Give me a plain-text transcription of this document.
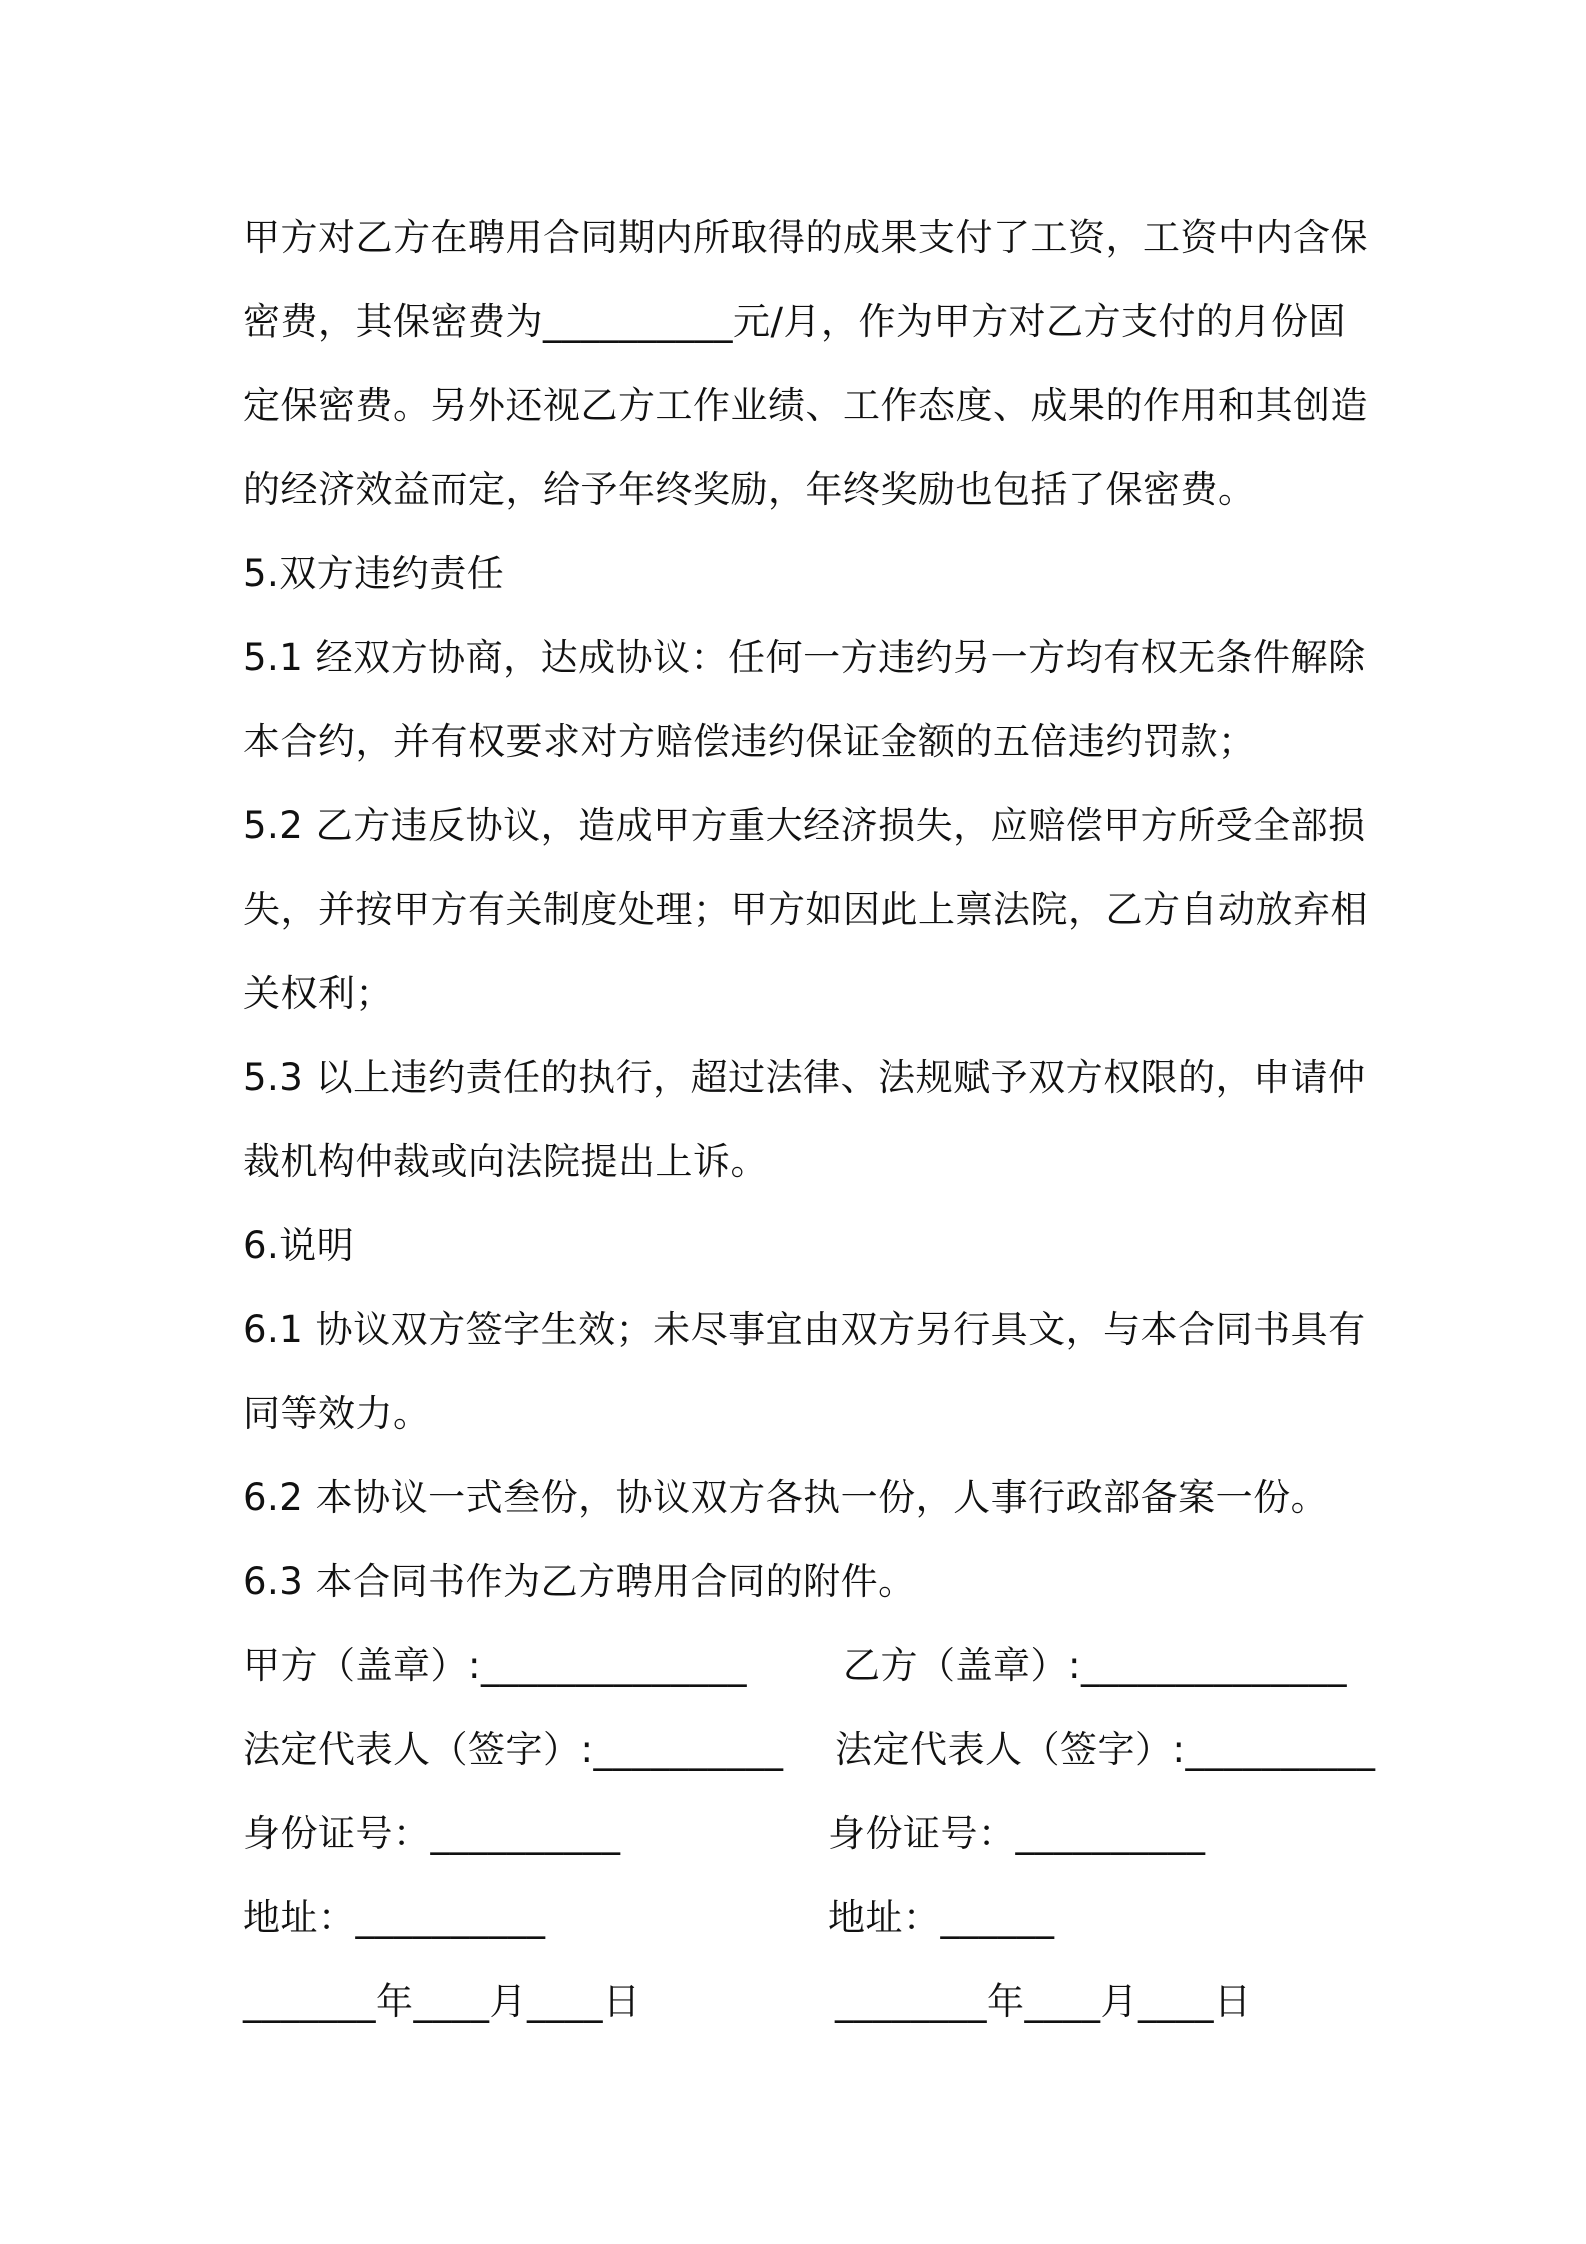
甲方对乙方在聘用合同期内所取得的成果支付了工资，工资中内含保
密费，其保密费为__________元/月，作为甲方对乙方支付的月份固
定保密费。另外还视乙方工作业绩、工作态度、成果的作用和其创造
的经济效益而定，给予年终奖励，年终奖励也包括了保密费。
5.双方违约责任
5.1 经双方协商，达成协议：任何一方违约另一方均有权无条件解除
本合约，并有权要求对方赔偿违约保证金额的五倍违约罚款；
5.2 乙方违反协议，造成甲方重大经济损失，应赔偿甲方所受全部损
失，并按甲方有关制度处理；甲方如因此上禀法院，乙方自动放弃相
关权利；
5.3 以上违约责任的执行，超过法律、法规赋予双方权限的，申请仲
裁机构仲裁或向法院提出上诉。
6.说明
6.1 协议双方签字生效；未尽事宜由双方另行具文，与本合同书具有
同等效力。
6.2 本协议一式叁份，协议双方各执一份，人事行政部备案一份。
6.3 本合同书作为乙方聘用合同的附件。
甲方（盖章）:______________	乙方（盖章）:______________
法定代表人（签字）:__________ 法定代表人（签字）:__________
身份证号：__________	身份证号：__________
地址：__________	地址：______
_______年____月____日	________年____月____日
